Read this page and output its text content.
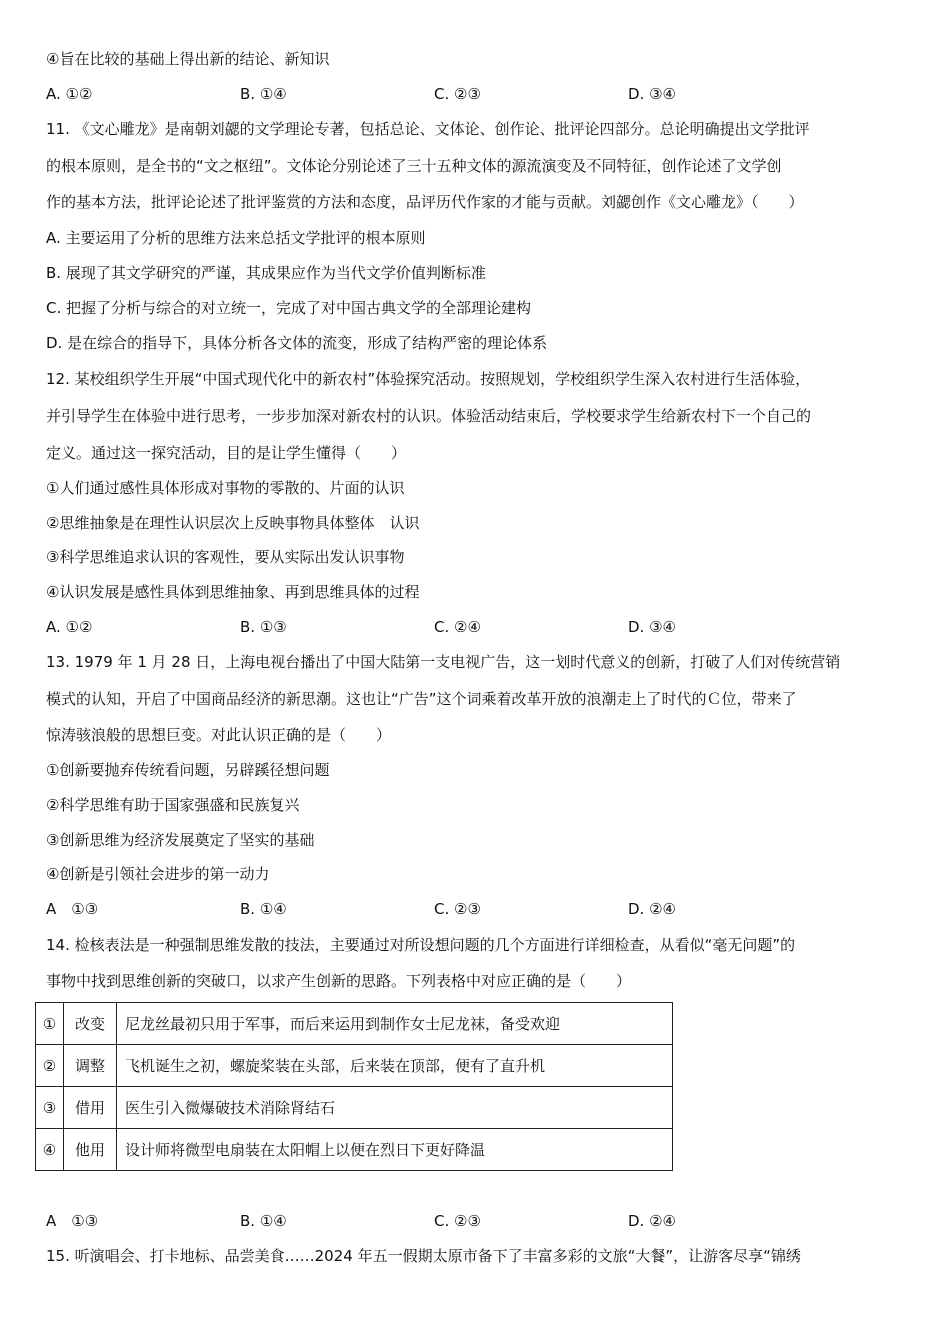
④旨在比较的基础上得出新的结论、新知识
A. ①②	B. ①④	C. ②③	D. ③④
11. 《文心雕龙》是南朝刘勰的文学理论专著，包括总论、文体论、创作论、批评论四部分。总论明确提出文学批评
的根本原则，是全书的“文之枢纽”。文体论分别论述了三十五种文体的源流演变及不同特征，创作论述了文学创
作的基本方法，批评论论述了批评鉴赏的方法和态度，品评历代作家的才能与贡献。刘勰创作《文心雕龙》（　　）
A. 主要运用了分析的思维方法来总括文学批评的根本原则
B. 展现了其文学研究的严谨，其成果应作为当代文学价值判断标准
C. 把握了分析与综合的对立统一，完成了对中国古典文学的全部理论建构
D. 是在综合的指导下，具体分析各文体的流变，形成了结构严密的理论体系
12. 某校组织学生开展“中国式现代化中的新农村”体验探究活动。按照规划，学校组织学生深入农村进行生活体验，
并引导学生在体验中进行思考，一步步加深对新农村的认识。体验活动结束后，学校要求学生给新农村下一个自己的
定义。通过这一探究活动，目的是让学生懂得（　　）
①人们通过感性具体形成对事物的零散的、片面的认识
②思维抽象是在理性认识层次上反映事物具体整体　认识
③科学思维追求认识的客观性，要从实际出发认识事物
④认识发展是感性具体到思维抽象、再到思维具体的过程
A. ①②	B. ①③	C. ②④	D. ③④
13. 1979 年 1 月 28 日，上海电视台播出了中国大陆第一支电视广告，这一划时代意义的创新，打破了人们对传统营销
模式的认知，开启了中国商品经济的新思潮。这也让“广告”这个词乘着改革开放的浪潮走上了时代的Ｃ位，带来了
惊涛骇浪般的思想巨变。对此认识正确的是（　　）
①创新要抛弃传统看问题，另辟蹊径想问题
②科学思维有助于国家强盛和民族复兴
③创新思维为经济发展奠定了坚实的基础
④创新是引领社会进步的第一动力
A　①③	B. ①④	C. ②③	D. ②④
14. 检核表法是一种强制思维发散的技法，主要通过对所设想问题的几个方面进行详细检查，从看似“毫无问题”的
事物中找到思维创新的突破口，以求产生创新的思路。下列表格中对应正确的是（　　）
①	改变	尼龙丝最初只用于军事，而后来运用到制作女士尼龙袜，备受欢迎
②	调整	飞机诞生之初，螺旋桨装在头部，后来装在顶部，便有了直升机
③	借用	医生引入微爆破技术消除肾结石
④	他用	设计师将微型电扇装在太阳帽上以便在烈日下更好降温
A　①③	B. ①④	C. ②③	D. ②④
15. 听演唱会、打卡地标、品尝美食……2024 年五一假期太原市备下了丰富多彩的文旅“大餐”，让游客尽享“锦绣
